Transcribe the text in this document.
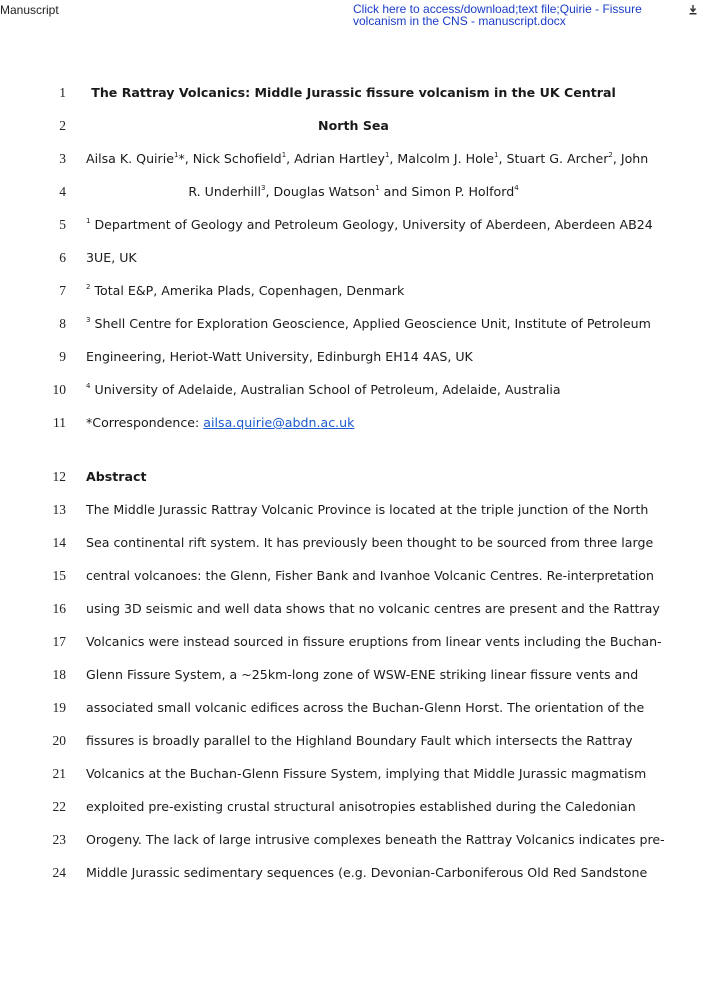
Manuscript	Click here to access/download;text file;Quirie - Fissure volcanism in the CNS - manuscript.docx
1	The Rattray Volcanics: Middle Jurassic fissure volcanism in the UK Central
2	North Sea
3 Ailsa K. Quirie$^1$*, Nick Schofield$^1$, Adrian Hartley$^1$, Malcolm J. Hole$^1$, Stuart G. Archer$^2$, John
4	R. Underhill$^3$, Douglas Watson$^1$ and Simon P. Holford$^4$
5	$^1$ Department of Geology and Petroleum Geology, University of Aberdeen, Aberdeen AB24
6 3UE, UK
7	$^2$ Total E&P, Amerika Plads, Copenhagen, Denmark
8	$^3$ Shell Centre for Exploration Geoscience, Applied Geoscience Unit, Institute of Petroleum
9 Engineering, Heriot-Watt University, Edinburgh EH14 4AS, UK
10	$^4$ University of Adelaide, Australian School of Petroleum, Adelaide, Australia
11 *Correspondence: ailsa.quirie@abdn.ac.uk
12 Abstract
13 The Middle Jurassic Rattray Volcanic Province is located at the triple junction of the North
14 Sea continental rift system. It has previously been thought to be sourced from three large
15 central volcanoes: the Glenn, Fisher Bank and Ivanhoe Volcanic Centres. Re-interpretation
16 using 3D seismic and well data shows that no volcanic centres are present and the Rattray
17 Volcanics were instead sourced in fissure eruptions from linear vents including the Buchan-
18 Glenn Fissure System, a ~25km-long zone of WSW-ENE striking linear fissure vents and
19 associated small volcanic edifices across the Buchan-Glenn Horst. The orientation of the
20 fissures is broadly parallel to the Highland Boundary Fault which intersects the Rattray
21 Volcanics at the Buchan-Glenn Fissure System, implying that Middle Jurassic magmatism
22 exploited pre-existing crustal structural anisotropies established during the Caledonian
23 Orogeny. The lack of large intrusive complexes beneath the Rattray Volcanics indicates pre-
24 Middle Jurassic sedimentary sequences (e.g. Devonian-Carboniferous Old Red Sandstone
